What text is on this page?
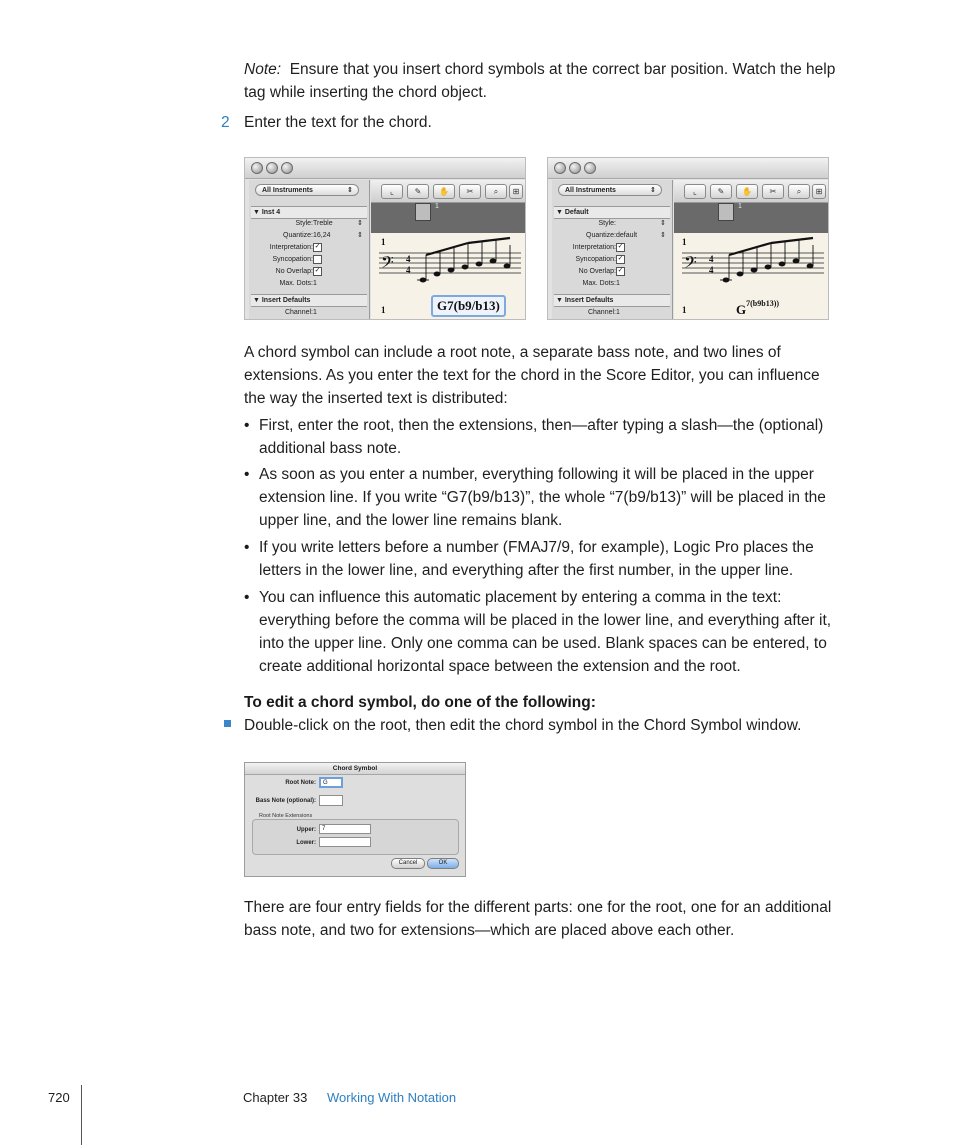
Note: Ensure that you insert chord symbols at the correct bar position. Watch the help
tag while inserting the chord object.
2 Enter the text for the chord.
All Instruments	⇕
▼ Inst 4
Style: Treble	⇕
Quantize: 16,24	⇕
Interpretation: ✓
Syncopation:
No Overlap: ✓
Max. Dots: 1
▼ Insert Defaults
Channel: 1
⌞	✎	✋	✂	⌕	⊞
1
1
1
𝄢 4
4
G7(b9/b13)
All Instruments	⇕
▼ Default
Style:	⇕
Quantize: default	⇕
Interpretation: ✓
Syncopation: ✓
No Overlap: ✓
Max. Dots: 1
▼ Insert Defaults
Channel: 1
⌞	✎	✋	✂	⌕	⊞
1
1
1
𝄢 4
4
$_G$7(b9b13))
A chord symbol can include a root note, a separate bass note, and two lines of
extensions. As you enter the text for the chord in the Score Editor, you can influence
the way the inserted text is distributed:
• First, enter the root, then the extensions, then—after typing a slash—the (optional)
additional bass note.
• As soon as you enter a number, everything following it will be placed in the upper
extension line. If you write “G7(b9/b13)”, the whole “7(b9/b13)” will be placed in the
upper line, and the lower line remains blank.
• If you write letters before a number (FMAJ7/9, for example), Logic Pro places the
letters in the lower line, and everything after the first number, in the upper line.
• You can influence this automatic placement by entering a comma in the text:
everything before the comma will be placed in the lower line, and everything after it,
into the upper line. Only one comma can be used. Blank spaces can be entered, to
create additional horizontal space between the extension and the root.
To edit a chord symbol, do one of the following:
Double-click on the root, then edit the chord symbol in the Chord Symbol window.
Chord Symbol
Root Note:	G
Bass Note (optional):
Root Note Extensions
Upper:	7
Lower:
Cancel	OK
There are four entry fields for the different parts: one for the root, one for an additional
bass note, and two for extensions—which are placed above each other.
720	Chapter 33 Working With Notation
